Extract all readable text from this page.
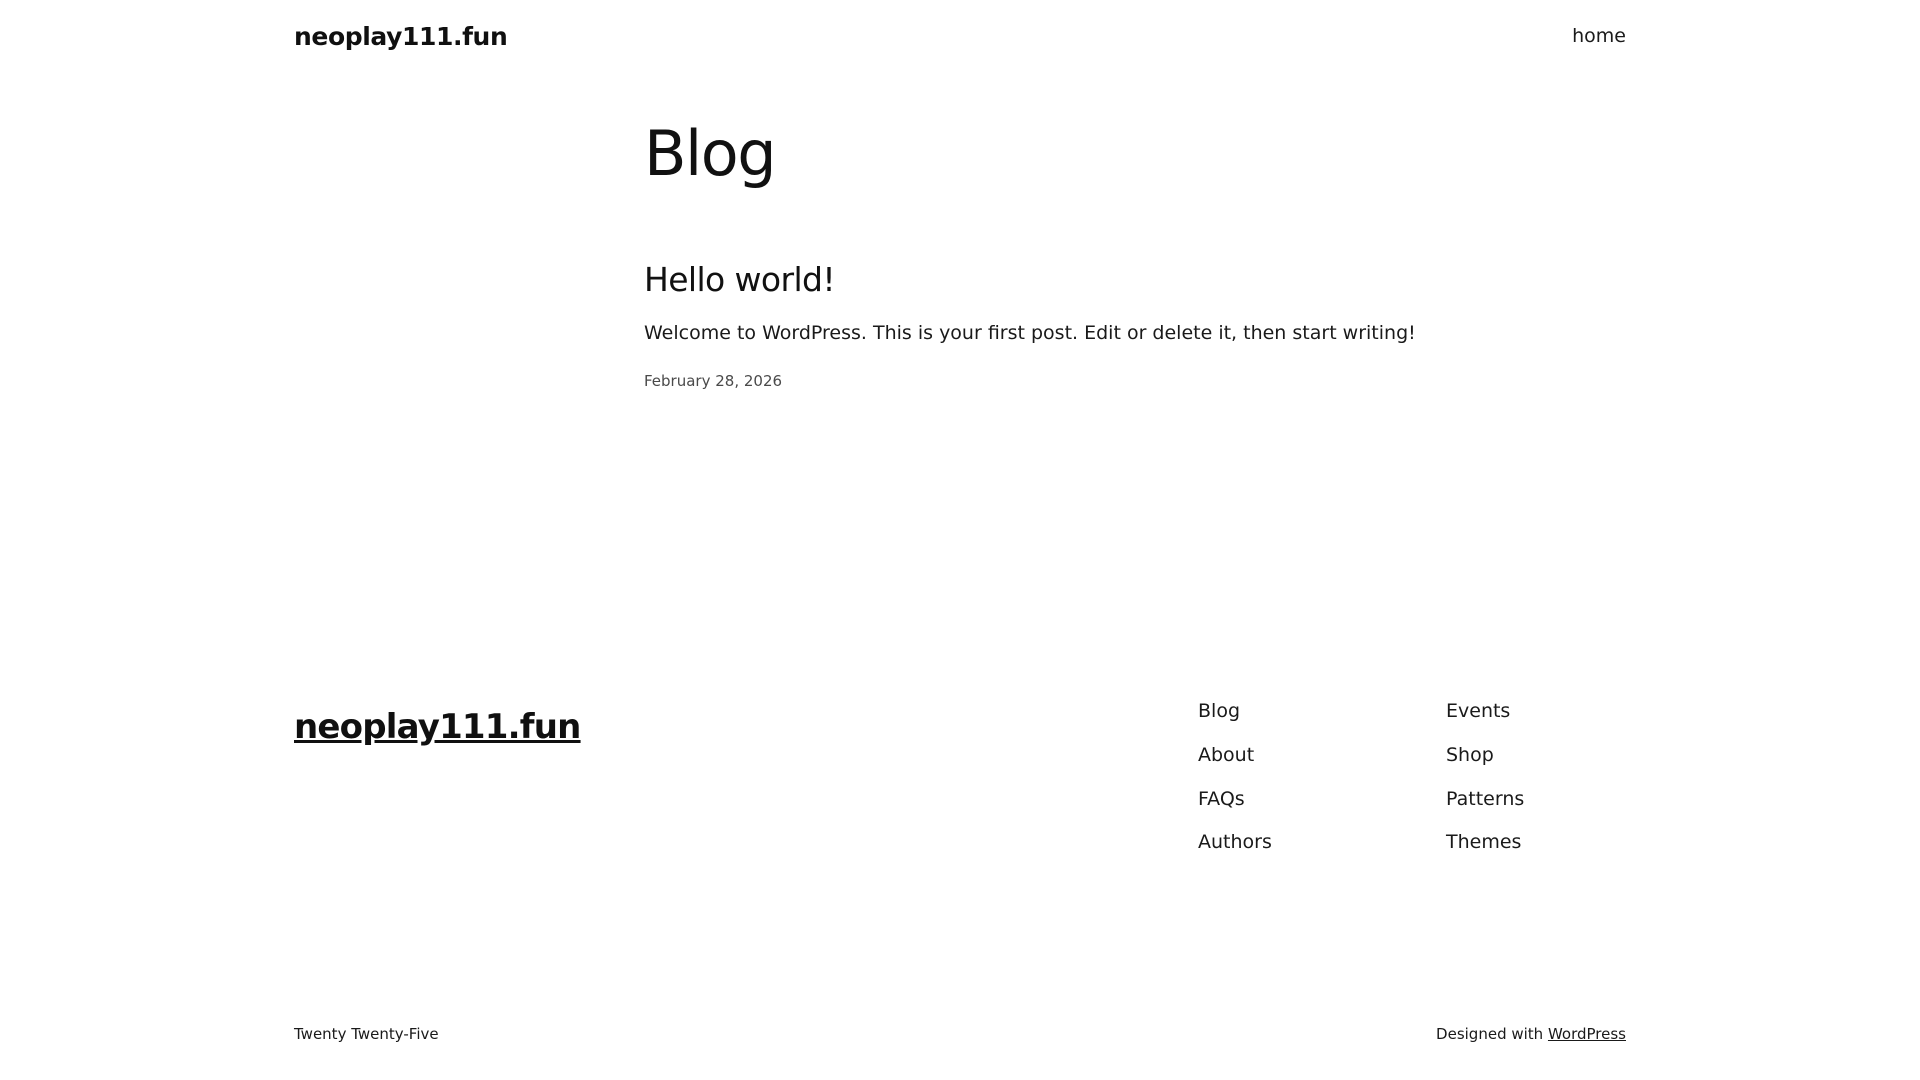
neoplay111.fun	home
Blog
Hello world!

Welcome to WordPress. This is your first post. Edit or delete it, then start writing!

February 28, 2026
neoplay111.fun	Blog
About
FAQs
Authors
Events
Shop
Patterns
Themes
Twenty Twenty-Five	Designed with WordPress
